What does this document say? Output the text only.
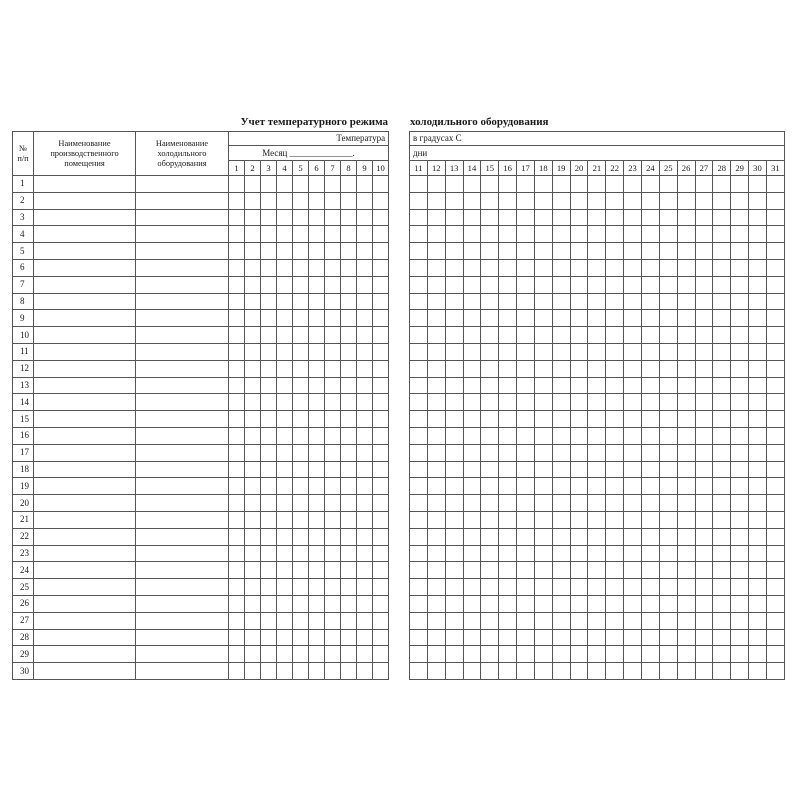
Учет температурного режима холодильного оборудования
№ п/п	Наименование производственного помещения	Наименование холодильного оборудования	Температура									
			Месяц ______________.									
			1	2	3	4	5	6	7	8	9	10
1												
2												
3												
4												
5												
6												
7												
8												
9												
10												
11												
12												
13												
14												
15												
16												
17												
18												
19												
20												
21												
22												
23												
24												
25												
26												
27												
28												
29												
30												
в градусах С																				
дни																				
11	12	13	14	15	16	17	18	19	20	21	22	23	24	25	26	27	28	29	30	31
